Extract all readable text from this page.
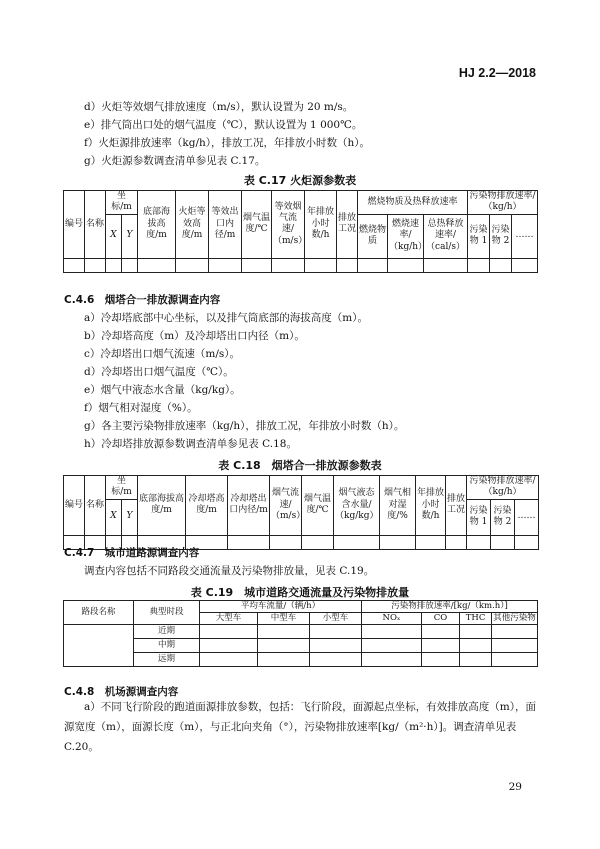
HJ 2.2—2018
d）火炬等效烟气排放速度（m/s），默认设置为 20 m/s。
e）排气筒出口处的烟气温度（℃），默认设置为 1 000℃。
f）火炬源排放速率（kg/h），排放工况，年排放小时数（h）。
g）火炬源参数调查清单参见表 C.17。
表 C.17 火炬源参数表
编号	名称	坐标/m		底部海拔高度/m	火炬等效高度/m	等效出口内径/m	烟气温度/℃	等效烟气流速/（m/s）	年排放小时数/h	排放工况	燃烧物质及热释放速率			污染物排放速率/（kg/h）		
		X	Y								燃烧物质	燃烧速率/（kg/h）	总热释放速率/（cal/s）	污染物 1	污染物 2	……

C.4.6　烟塔合一排放源调查内容
a）冷却塔底部中心坐标，以及排气筒底部的海拔高度（m）。
b）冷却塔高度（m）及冷却塔出口内径（m）。
c）冷却塔出口烟气流速（m/s）。
d）冷却塔出口烟气温度（℃）。
e）烟气中液态水含量（kg/kg）。
f）烟气相对湿度（%）。
g）各主要污染物排放速率（kg/h），排放工况，年排放小时数（h）。
h）冷却塔排放源参数调查清单参见表 C.18。
表 C.18　烟塔合一排放源参数表
编号	名称	坐标/m		底部海拔高度/m	冷却塔高度/m	冷却塔出口内径/m	烟气流速/（m/s）	烟气温度/℃	烟气液态含水量/（kg/kg）	烟气相对湿度/%	年排放小时数/h	排放工况	污染物排放速率/（kg/h）		
		X	Y										污染物 1	污染物 2	……

C.4.7　城市道路源调查内容
调查内容包括不同路段交通流量及污染物排放量，见表 C.19。
表 C.19　城市道路交通流量及污染物排放量
路段名称	典型时段	平均车流量/（辆/h）			污染物排放速率/[kg/（km.h）]			
		大型车	中型车	小型车	NOₓ	CO	THC	其他污染物
	近期							
	中期							
	远期							
C.4.8　机场源调查内容
a）不同飞行阶段的跑道面源排放参数，包括：飞行阶段，面源起点坐标，有效排放高度（m），面源宽度（m），面源长度（m），与正北向夹角（°），污染物排放速率[kg/（m²·h）]。调查清单见表 C.20。
29
